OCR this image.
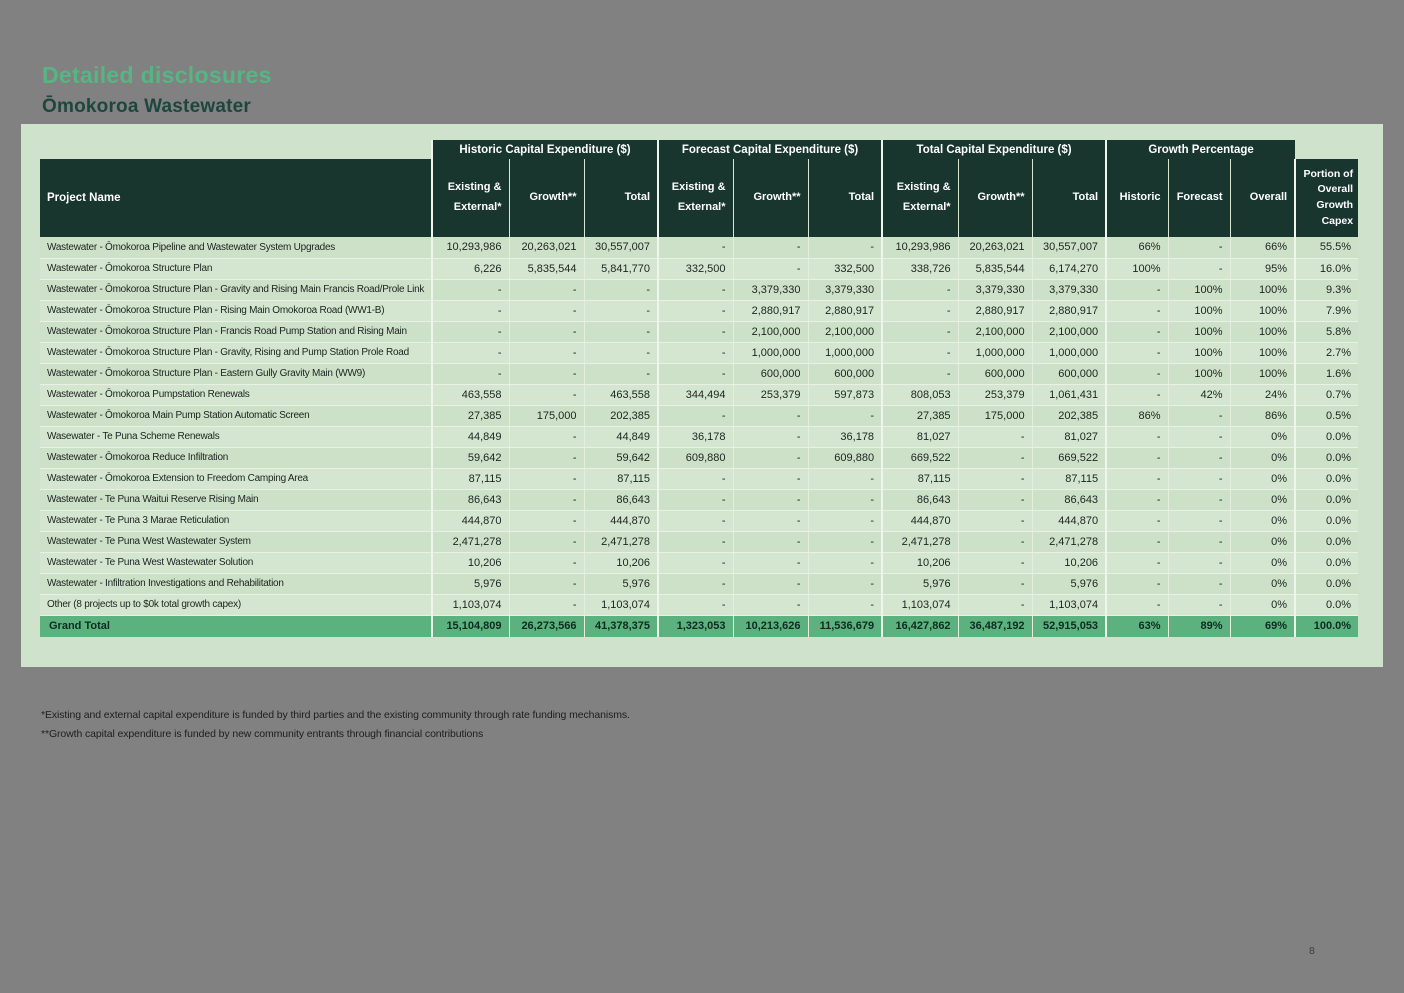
Detailed disclosures
Ōmokoroa Wastewater
	Historic Capital Expenditure ($)			Forecast Capital Expenditure ($)			Total Capital Expenditure ($)			Growth Percentage			
Project Name	Existing & External*	Growth**	Total	Existing & External*	Growth**	Total	Existing & External*	Growth**	Total	Historic	Forecast	Overall	Portion of Overall Growth Capex
Wastewater - Ōmokoroa Pipeline and Wastewater System Upgrades	10,293,986	20,263,021	30,557,007	-	-	-	10,293,986	20,263,021	30,557,007	66%	-	66%	55.5%
Wastewater - Ōmokoroa Structure Plan	6,226	5,835,544	5,841,770	332,500	-	332,500	338,726	5,835,544	6,174,270	100%	-	95%	16.0%
Wastewater - Ōmokoroa Structure Plan - Gravity and Rising Main Francis Road/Prole Link	-	-	-	-	3,379,330	3,379,330	-	3,379,330	3,379,330	-	100%	100%	9.3%
Wastewater - Ōmokoroa Structure Plan - Rising Main Omokoroa Road (WW1-B)	-	-	-	-	2,880,917	2,880,917	-	2,880,917	2,880,917	-	100%	100%	7.9%
Wastewater - Ōmokoroa Structure Plan - Francis Road Pump Station and Rising Main	-	-	-	-	2,100,000	2,100,000	-	2,100,000	2,100,000	-	100%	100%	5.8%
Wastewater - Ōmokoroa Structure Plan - Gravity, Rising and Pump Station Prole Road	-	-	-	-	1,000,000	1,000,000	-	1,000,000	1,000,000	-	100%	100%	2.7%
Wastewater - Ōmokoroa Structure Plan - Eastern Gully Gravity Main (WW9)	-	-	-	-	600,000	600,000	-	600,000	600,000	-	100%	100%	1.6%
Wastewater - Ōmokoroa Pumpstation Renewals	463,558	-	463,558	344,494	253,379	597,873	808,053	253,379	1,061,431	-	42%	24%	0.7%
Wastewater - Ōmokoroa Main Pump Station Automatic Screen	27,385	175,000	202,385	-	-	-	27,385	175,000	202,385	86%	-	86%	0.5%
Wasewater - Te Puna Scheme Renewals	44,849	-	44,849	36,178	-	36,178	81,027	-	81,027	-	-	0%	0.0%
Wastewater - Ōmokoroa Reduce Infiltration	59,642	-	59,642	609,880	-	609,880	669,522	-	669,522	-	-	0%	0.0%
Wastewater - Ōmokoroa Extension to Freedom Camping Area	87,115	-	87,115	-	-	-	87,115	-	87,115	-	-	0%	0.0%
Wastewater - Te Puna Waitui Reserve Rising Main	86,643	-	86,643	-	-	-	86,643	-	86,643	-	-	0%	0.0%
Wastewater - Te Puna 3 Marae Reticulation	444,870	-	444,870	-	-	-	444,870	-	444,870	-	-	0%	0.0%
Wastewater - Te Puna West Wastewater System	2,471,278	-	2,471,278	-	-	-	2,471,278	-	2,471,278	-	-	0%	0.0%
Wastewater - Te Puna West Wastewater Solution	10,206	-	10,206	-	-	-	10,206	-	10,206	-	-	0%	0.0%
Wastewater - Infiltration Investigations and Rehabilitation	5,976	-	5,976	-	-	-	5,976	-	5,976	-	-	0%	0.0%
Other (8 projects up to $0k total growth capex)	1,103,074	-	1,103,074	-	-	-	1,103,074	-	1,103,074	-	-	0%	0.0%
Grand Total	15,104,809	26,273,566	41,378,375	1,323,053	10,213,626	11,536,679	16,427,862	36,487,192	52,915,053	63%	89%	69%	100.0%
*Existing and external capital expenditure is funded by third parties and the existing community through rate funding mechanisms.
**Growth capital expenditure is funded by new community entrants through financial contributions
8
